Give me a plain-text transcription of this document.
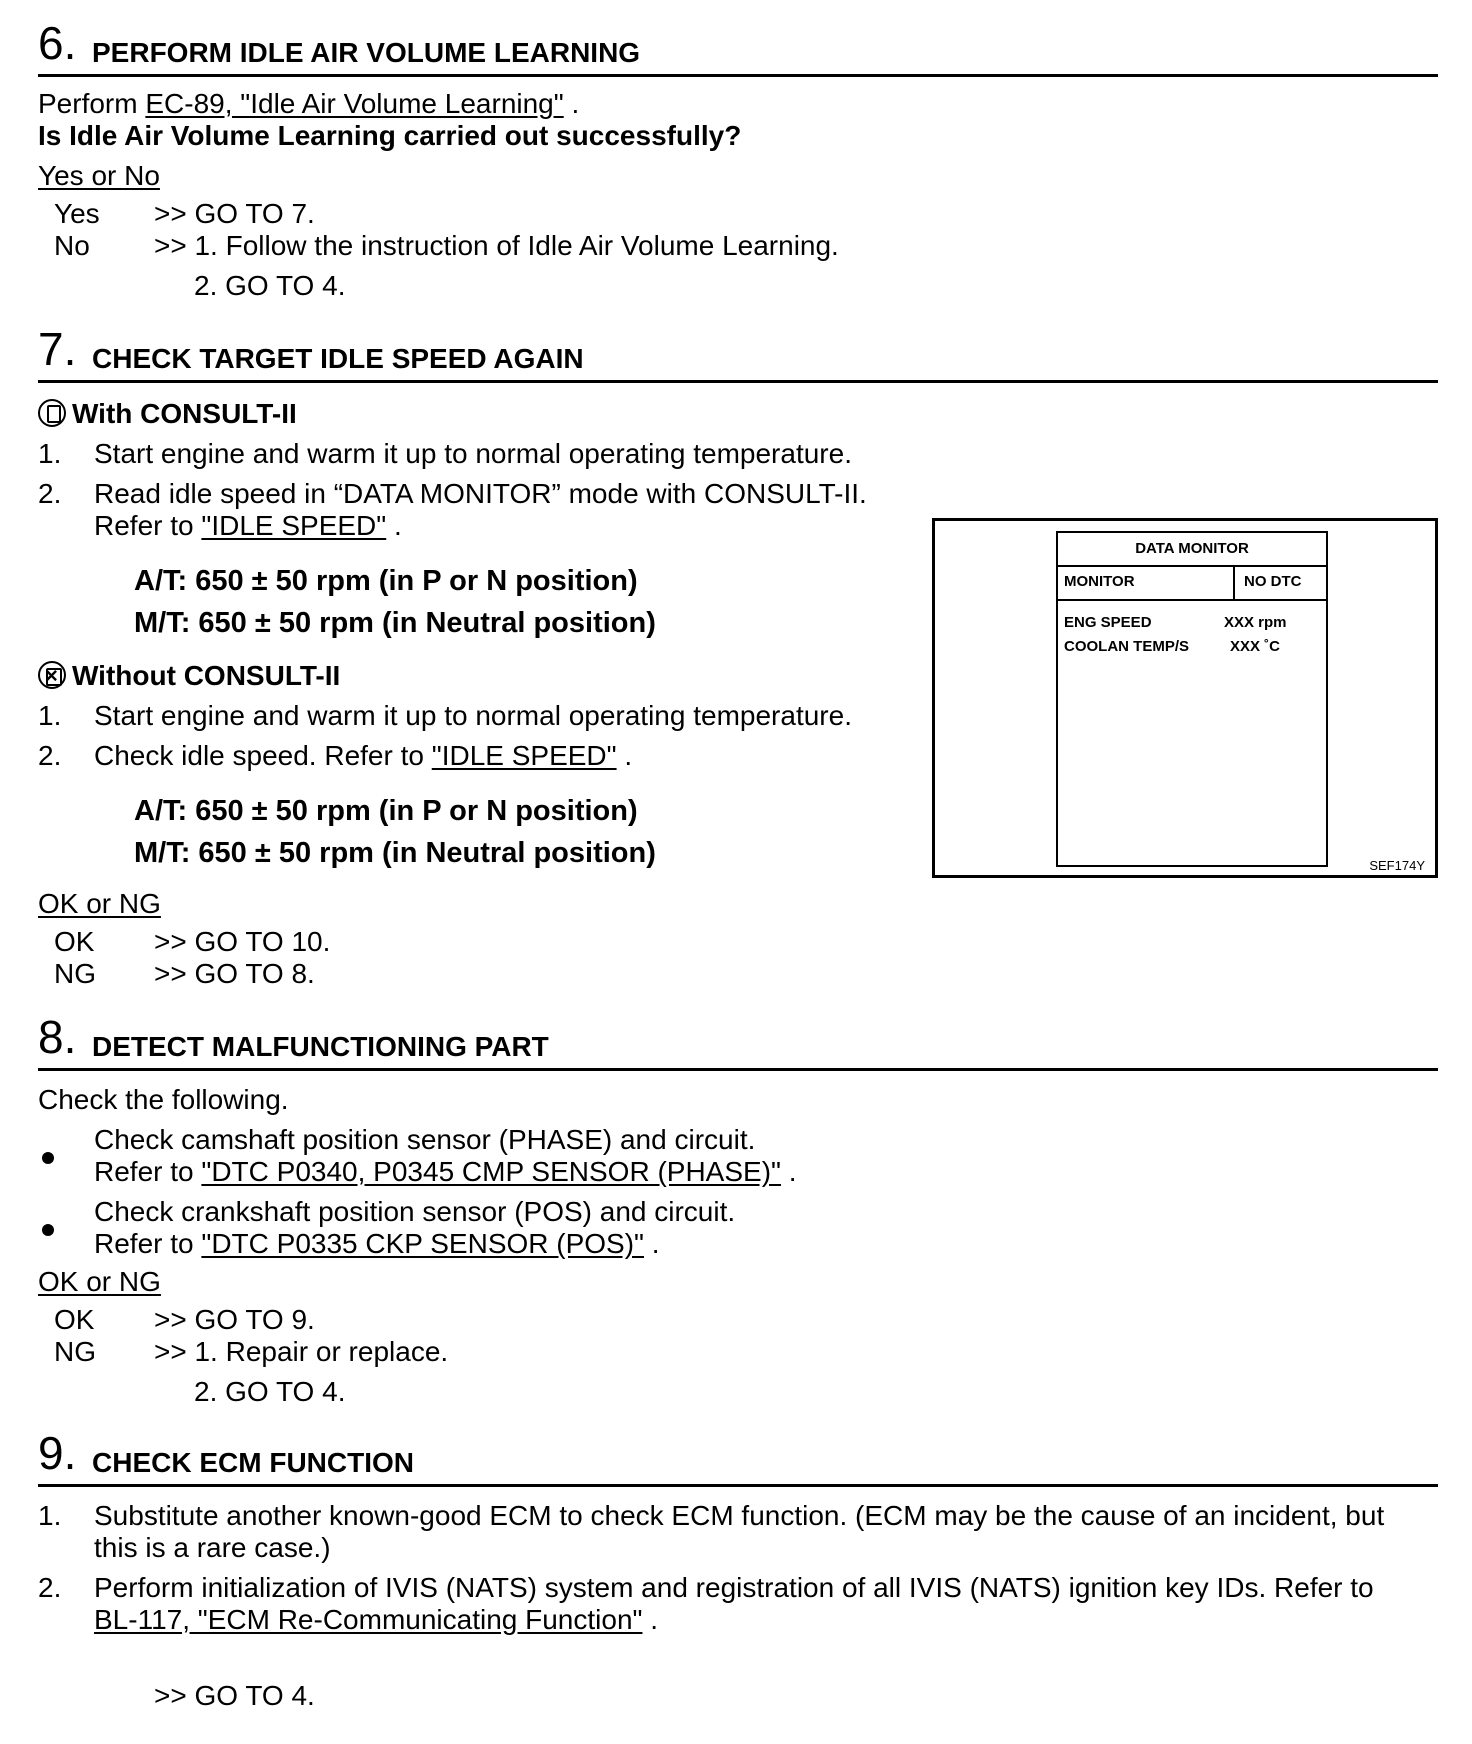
6. PERFORM IDLE AIR VOLUME LEARNING
Perform EC-89, "Idle Air Volume Learning" .
Is Idle Air Volume Learning carried out successfully?
Yes or No
Yes >> GO TO 7.
No >> 1. Follow the instruction of Idle Air Volume Learning.
2. GO TO 4.
7. CHECK TARGET IDLE SPEED AGAIN
With CONSULT-II
1. Start engine and warm it up to normal operating temperature.
2. Read idle speed in “DATA MONITOR” mode with CONSULT-II.
Refer to "IDLE SPEED" .
A/T: 650 ± 50 rpm (in P or N position)
M/T: 650 ± 50 rpm (in Neutral position)
×Without CONSULT-II
1. Start engine and warm it up to normal operating temperature.
2. Check idle speed. Refer to "IDLE SPEED" .
A/T: 650 ± 50 rpm (in P or N position)
M/T: 650 ± 50 rpm (in Neutral position)
OK or NG
OK >> GO TO 10.
NG >> GO TO 8.
8. DETECT MALFUNCTIONING PART
Check the following.
Check camshaft position sensor (PHASE) and circuit.
Refer to "DTC P0340, P0345 CMP SENSOR (PHASE)" .
Check crankshaft position sensor (POS) and circuit.
Refer to "DTC P0335 CKP SENSOR (POS)" .
OK or NG
OK >> GO TO 9.
NG >> 1. Repair or replace.
2. GO TO 4.
9. CHECK ECM FUNCTION
1. Substitute another known-good ECM to check ECM function. (ECM may be the cause of an incident, but
this is a rare case.)
2. Perform initialization of IVIS (NATS) system and registration of all IVIS (NATS) ignition key IDs. Refer to
BL-117, "ECM Re-Communicating Function" .
>> GO TO 4.
DATA MONITOR
MONITOR	NO DTC
ENG SPEED	XXX rpm
COOLAN TEMP/S	XXX ˚C
SEF174Y
